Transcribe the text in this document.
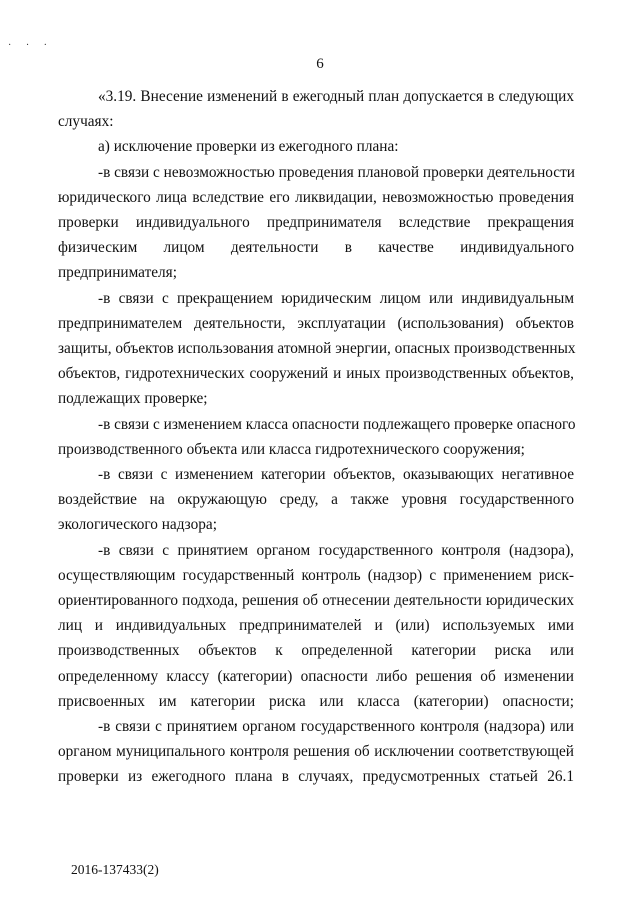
· · ·
6
«3.19. Внесение изменений в ежегодный план допускается в следующих
случаях:
а) исключение проверки из ежегодного плана:
-в связи с невозможностью проведения плановой проверки деятельности
юридического лица вследствие его ликвидации, невозможностью проведения
проверки индивидуального предпринимателя вследствие прекращения
физическим лицом деятельности в качестве индивидуального
предпринимателя;
-в связи с прекращением юридическим лицом или индивидуальным
предпринимателем деятельности, эксплуатации (использования) объектов
защиты, объектов использования атомной энергии, опасных производственных
объектов, гидротехнических сооружений и иных производственных объектов,
подлежащих проверке;
-в связи с изменением класса опасности подлежащего проверке опасного
производственного объекта или класса гидротехнического сооружения;
-в связи с изменением категории объектов, оказывающих негативное
воздействие на окружающую среду, а также уровня государственного
экологического надзора;
-в связи с принятием органом государственного контроля (надзора),
осуществляющим государственный контроль (надзор) с применением риск-
ориентированного подхода, решения об отнесении деятельности юридических
лиц и индивидуальных предпринимателей и (или) используемых ими
производственных объектов к определенной категории риска или
определенному классу (категории) опасности либо решения об изменении
присвоенных им категории риска или класса (категории) опасности;
-в связи с принятием органом государственного контроля (надзора) или
органом муниципального контроля решения об исключении соответствующей
проверки из ежегодного плана в случаях, предусмотренных статьей 26.1
2016-137433(2)
